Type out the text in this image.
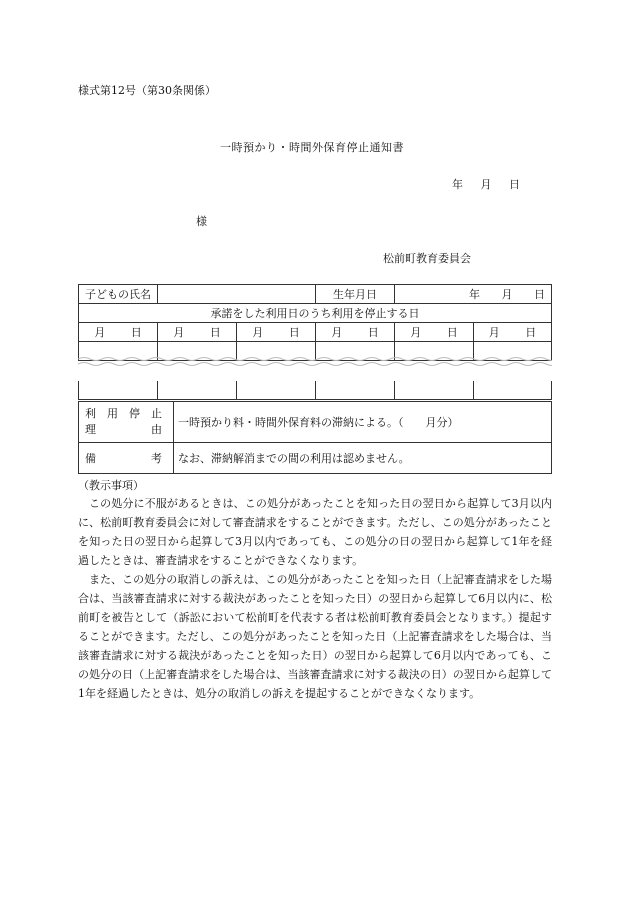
様式第12号（第30条関係）
一時預かり・時間外保育停止通知書
年 月 日
様
松前町教育委員会
子どもの氏名			生年月日	年 月 日	
承諾をした利用日のうち利用を停止する日					
月 日	月 日	月 日	月 日	月 日	月 日

利　用　停　止
理　　　　　由	一時預かり料・時間外保育料の滞納による。（　　月分）
備　　　　　考	なお、滞納解消までの間の利用は認めません。
（教示事項）
この処分に不服があるときは、この処分があったことを知った日の翌日から起算して3月以内に、松前町教育委員会に対して審査請求をすることができます。ただし、この処分があったことを知った日の翌日から起算して3月以内であっても、この処分の日の翌日から起算して1年を経過したときは、審査請求をすることができなくなります。
また、この処分の取消しの訴えは、この処分があったことを知った日（上記審査請求をした場合は、当該審査請求に対する裁決があったことを知った日）の翌日から起算して6月以内に、松前町を被告として（訴訟において松前町を代表する者は松前町教育委員会となります。）提起することができます。ただし、この処分があったことを知った日（上記審査請求をした場合は、当該審査請求に対する裁決があったことを知った日）の翌日から起算して6月以内であっても、この処分の日（上記審査請求をした場合は、当該審査請求に対する裁決の日）の翌日から起算して1年を経過したときは、処分の取消しの訴えを提起することができなくなります。
